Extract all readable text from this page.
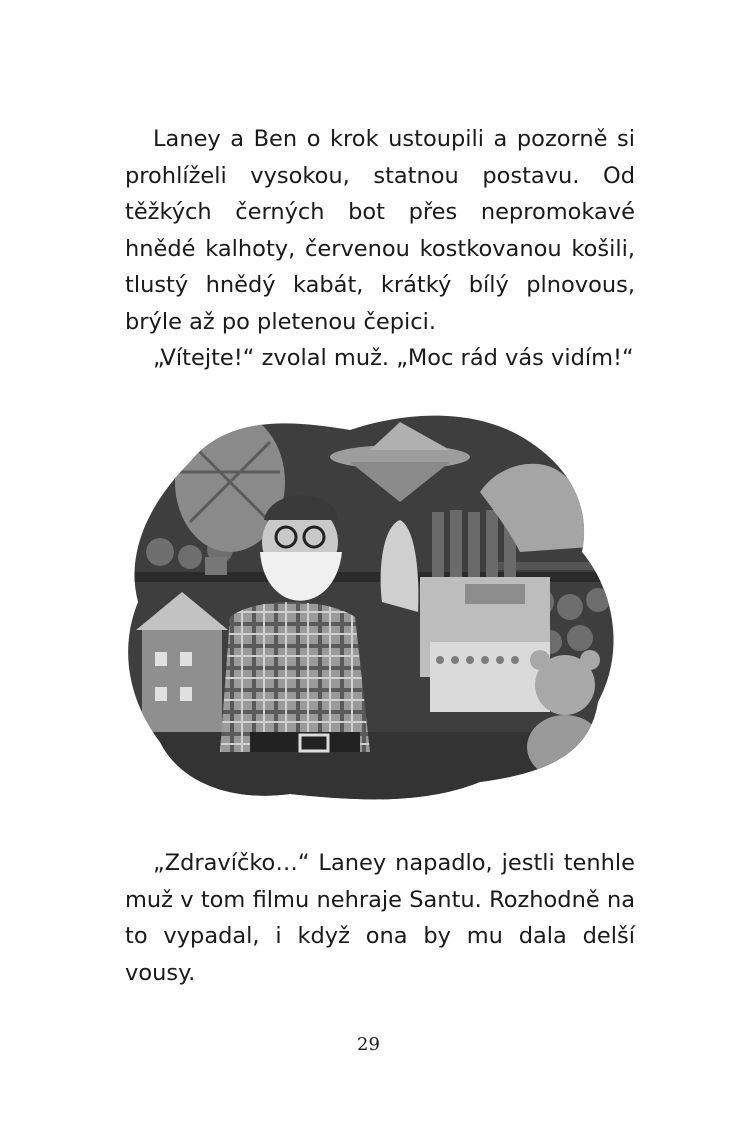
Laney a Ben o krok ustoupili a pozorně si prohlíželi vysokou, statnou postavu. Od těžkých černých bot přes nepromokavé hnědé kalhoty, červenou kostkovanou košili, tlustý hnědý kabát, krátký bílý plnovous, brýle až po pletenou čepici.

„Vítejte!“ zvolal muž. „Moc rád vás vidím!“

„Zdravíčko…“ Laney napadlo, jestli tenhle muž v tom filmu nehraje Santu. Rozhodně na to vypadal, i když ona by mu dala delší vousy.

29
